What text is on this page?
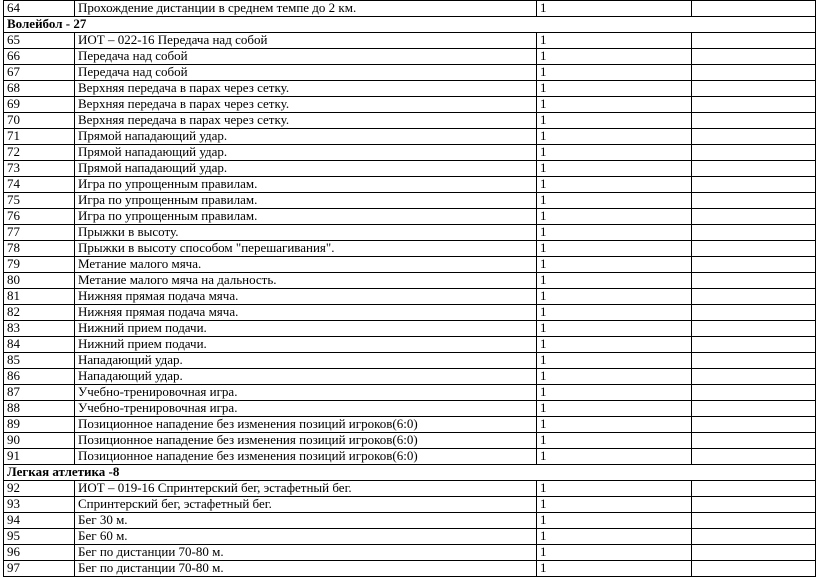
64	Прохождение дистанции в среднем темпе до 2 км.	1	
Волейбол - 27			
65	ИОТ – 022-16 Передача над собой	1	
66	Передача над собой	1	
67	Передача над собой	1	
68	Верхняя передача в парах через сетку.	1	
69	Верхняя передача в парах через сетку.	1	
70	Верхняя передача в парах через сетку.	1	
71	Прямой нападающий удар.	1	
72	Прямой нападающий удар.	1	
73	Прямой нападающий удар.	1	
74	Игра по упрощенным правилам.	1	
75	Игра по упрощенным правилам.	1	
76	Игра по упрощенным правилам.	1	
77	Прыжки в высоту.	1	
78	Прыжки в высоту способом "перешагивания".	1	
79	Метание малого мяча.	1	
80	Метание малого мяча на дальность.	1	
81	Нижняя прямая подача мяча.	1	
82	Нижняя прямая подача мяча.	1	
83	Нижний прием подачи.	1	
84	Нижний прием подачи.	1	
85	Нападающий удар.	1	
86	Нападающий удар.	1	
87	Учебно-тренировочная игра.	1	
88	Учебно-тренировочная игра.	1	
89	Позиционное нападение без изменения позиций игроков(6:0)	1	
90	Позиционное нападение без изменения позиций игроков(6:0)	1	
91	Позиционное нападение без изменения позиций игроков(6:0)	1	
Легкая атлетика -8			
92	ИОТ – 019-16 Спринтерский бег, эстафетный бег.	1	
93	Спринтерский бег, эстафетный бег.	1	
94	Бег 30 м.	1	
95	Бег 60 м.	1	
96	Бег по дистанции 70-80 м.	1	
97	Бег по дистанции 70-80 м.	1	
